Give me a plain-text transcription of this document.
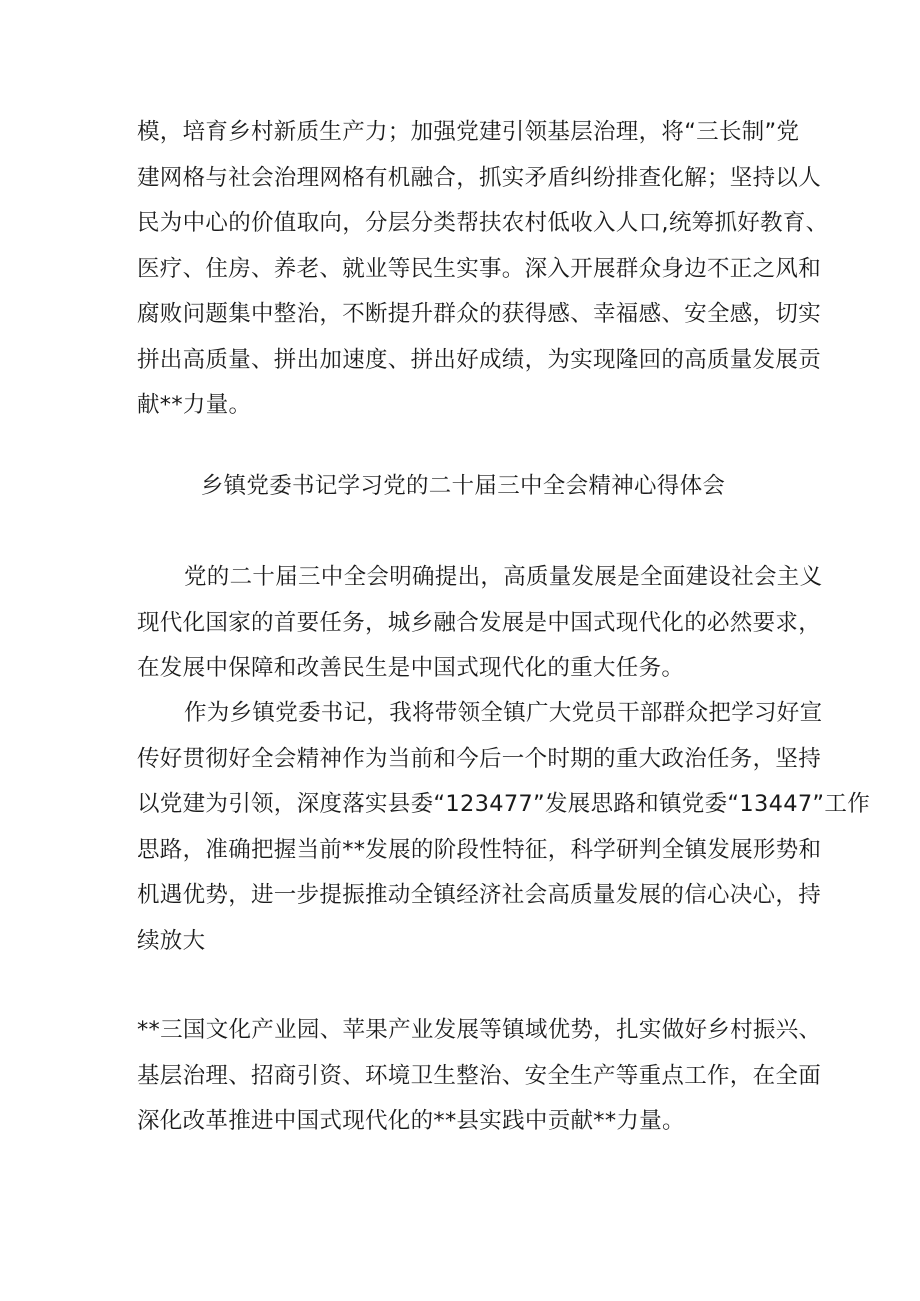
模，培育乡村新质生产力；加强党建引领基层治理，将“三长制”党
建网格与社会治理网格有机融合，抓实矛盾纠纷排查化解；坚持以人
民为中心的价值取向，分层分类帮扶农村低收入人口,统筹抓好教育、
医疗、住房、养老、就业等民生实事。深入开展群众身边不正之风和
腐败问题集中整治，不断提升群众的获得感、幸福感、安全感，切实
拼出高质量、拼出加速度、拼出好成绩，为实现隆回的高质量发展贡
献**力量。
乡镇党委书记学习党的二十届三中全会精神心得体会
党的二十届三中全会明确提出，高质量发展是全面建设社会主义
现代化国家的首要任务，城乡融合发展是中国式现代化的必然要求，
在发展中保障和改善民生是中国式现代化的重大任务。
作为乡镇党委书记，我将带领全镇广大党员干部群众把学习好宣
传好贯彻好全会精神作为当前和今后一个时期的重大政治任务，坚持
以党建为引领，深度落实县委“123477”发展思路和镇党委“13447”工作
思路，准确把握当前**发展的阶段性特征，科学研判全镇发展形势和
机遇优势，进一步提振推动全镇经济社会高质量发展的信心决心，持
续放大
**三国文化产业园、苹果产业发展等镇域优势，扎实做好乡村振兴、
基层治理、招商引资、环境卫生整治、安全生产等重点工作，在全面
深化改革推进中国式现代化的**县实践中贡献**力量。
